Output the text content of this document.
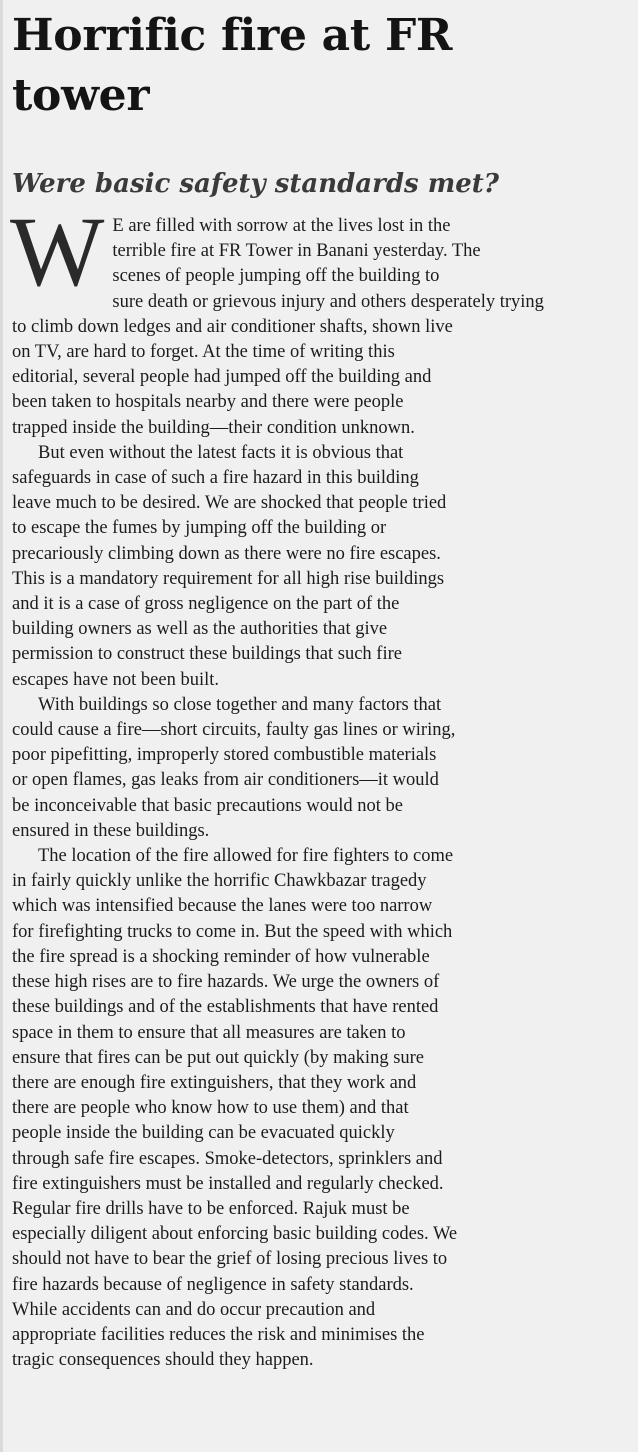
Horrific fire at FR
tower
Were basic safety standards met?
W E are filled with sorrow at the lives lost in the

terrible fire at FR Tower in Banani yesterday. The

scenes of people jumping off the building to

sure death or grievous injury and others desperately trying

to climb down ledges and air conditioner shafts, shown live

on TV, are hard to forget. At the time of writing this

editorial, several people had jumped off the building and

been taken to hospitals nearby and there were people

trapped inside the building—their condition unknown.

But even without the latest facts it is obvious that

safeguards in case of such a fire hazard in this building

leave much to be desired. We are shocked that people tried

to escape the fumes by jumping off the building or

precariously climbing down as there were no fire escapes.

This is a mandatory requirement for all high rise buildings

and it is a case of gross negligence on the part of the

building owners as well as the authorities that give

permission to construct these buildings that such fire

escapes have not been built.

With buildings so close together and many factors that

could cause a fire—short circuits, faulty gas lines or wiring,

poor pipefitting, improperly stored combustible materials

or open flames, gas leaks from air conditioners—it would

be inconceivable that basic precautions would not be

ensured in these buildings.

The location of the fire allowed for fire fighters to come

in fairly quickly unlike the horrific Chawkbazar tragedy

which was intensified because the lanes were too narrow

for firefighting trucks to come in. But the speed with which

the fire spread is a shocking reminder of how vulnerable

these high rises are to fire hazards. We urge the owners of

these buildings and of the establishments that have rented

space in them to ensure that all measures are taken to

ensure that fires can be put out quickly (by making sure

there are enough fire extinguishers, that they work and

there are people who know how to use them) and that

people inside the building can be evacuated quickly

through safe fire escapes. Smoke-detectors, sprinklers and

fire extinguishers must be installed and regularly checked.

Regular fire drills have to be enforced. Rajuk must be

especially diligent about enforcing basic building codes. We

should not have to bear the grief of losing precious lives to

fire hazards because of negligence in safety standards.

While accidents can and do occur precaution and

appropriate facilities reduces the risk and minimises the

tragic consequences should they happen.
